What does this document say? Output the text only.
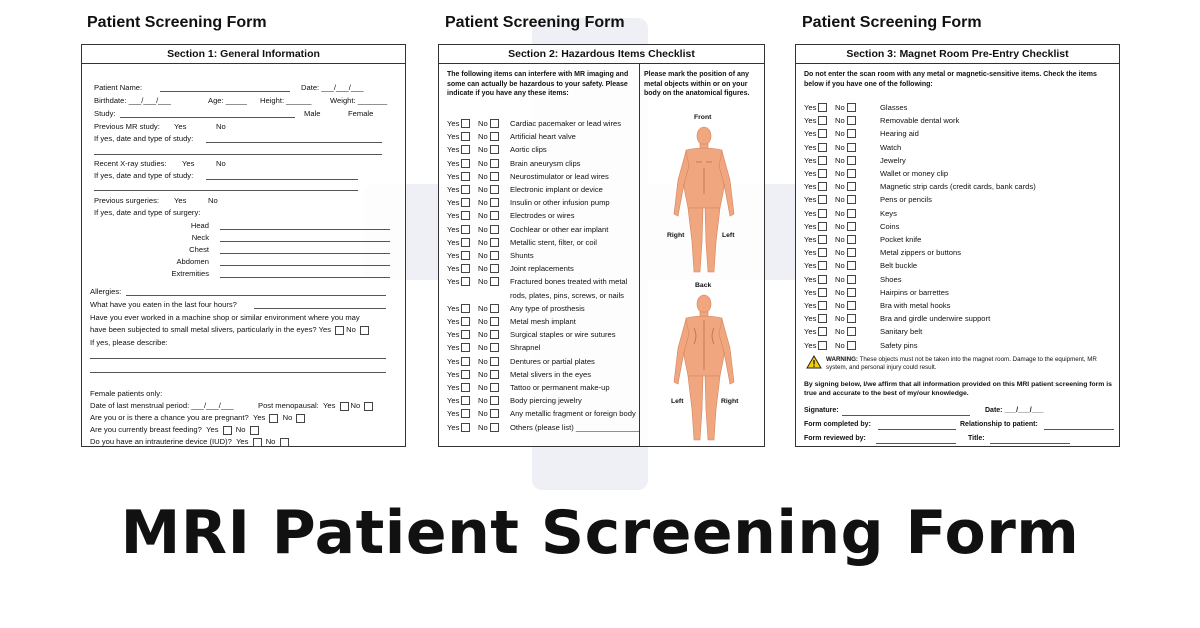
Patient Screening Form	Patient Screening Form	Patient Screening Form
Section 1: General Information
Patient Name:	Date: ___/___/___
Birthdate: ___/___/___	Age: _____ Height: ______ Weight: _______
Study:	Male	Female
Previous MR study: Yes	No
If yes, date and type of study:
Recent X-ray studies: Yes	No
If yes, date and type of study:
Previous surgeries: Yes	No
If yes, date and type of surgery:
Head
Neck
Chest
Abdomen
Extremities
Allergies:
What have you eaten in the last four hours?
Have you ever worked in a machine shop or similar environment where you may
have been subjected to small metal slivers, particularly in the eyes? Yes No
If yes, please describe:
Female patients only:
Date of last menstrual period: ___/___/___	Post menopausal: Yes No
Are you or is there a chance you are pregnant? Yes No
Are you currently breast feeding? Yes No
Do you have an intrauterine device (IUD)? Yes No
Section 2: Hazardous Items Checklist
The following items can interfere with MR imaging and some can actually be hazardous to your safety. Please indicate if you have any these items:
Please mark the position of any metal objects within or on your body on the anatomical figures.
Front
Right	Left
Back
Left	Right
Yes No	Cardiac pacemaker or lead wires
Yes No	Artificial heart valve
Yes No	Aortic clips
Yes No	Brain aneurysm clips
Yes No	Neurostimulator or lead wires
Yes No	Electronic implant or device
Yes No	Insulin or other infusion pump
Yes No	Electrodes or wires
Yes No	Cochlear or other ear implant
Yes No	Metallic stent, filter, or coil
Yes No	Shunts
Yes No	Joint replacements
Yes No	Fractured bones treated with metal
rods, plates, pins, screws, or nails
Yes No	Any type of prosthesis
Yes No	Metal mesh implant
Yes No	Surgical staples or wire sutures
Yes No	Shrapnel
Yes No	Dentures or partial plates
Yes No	Metal slivers in the eyes
Yes No	Tattoo or permanent make-up
Yes No	Body piercing jewelry
Yes No	Any metallic fragment or foreign body
Yes No	Others (please list) _______________
Section 3: Magnet Room Pre-Entry Checklist
Do not enter the scan room with any metal or magnetic-sensitive items. Check the items below if you have one of the following:
WARNING: These objects must not be taken into the magnet room. Damage to the equipment, MR system, and personal injury could result.
By signing below, I/we affirm that all information provided on this MRI patient screening form is true and accurate to the best of my/our knowledge.
Signature:	Date: ___/___/___
Form completed by:	Relationship to patient:
Form reviewed by:	Title:
Yes No	Glasses
Yes No	Removable dental work
Yes No	Hearing aid
Yes No	Watch
Yes No	Jewelry
Yes No	Wallet or money clip
Yes No	Magnetic strip cards (credit cards, bank cards)
Yes No	Pens or pencils
Yes No	Keys
Yes No	Coins
Yes No	Pocket knife
Yes No	Metal zippers or buttons
Yes No	Belt buckle
Yes No	Shoes
Yes No	Hairpins or barrettes
Yes No	Bra with metal hooks
Yes No	Bra and girdle underwire support
Yes No	Sanitary belt
Yes No	Safety pins
MRI Patient Screening Form
